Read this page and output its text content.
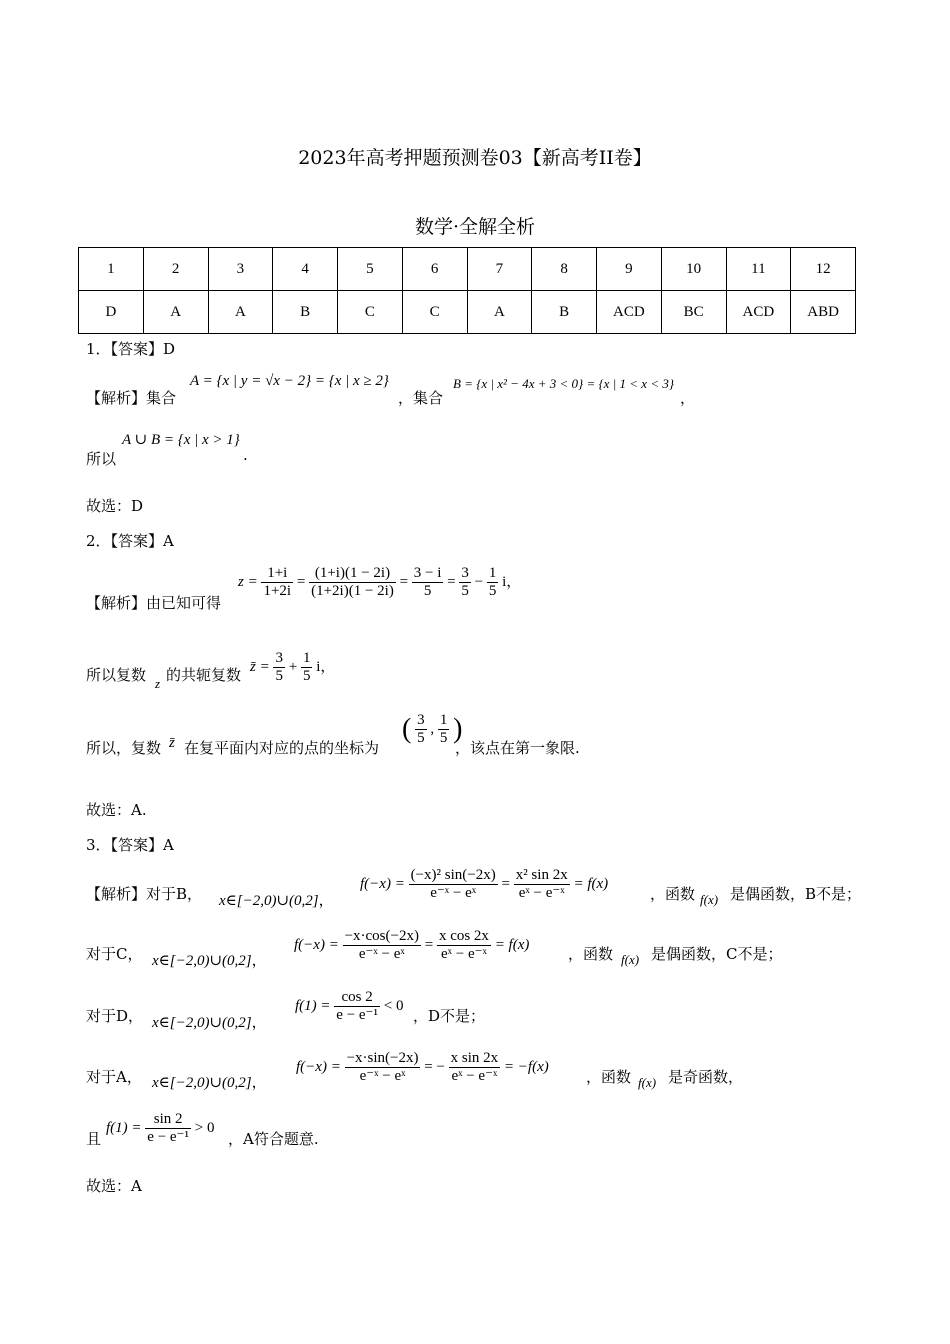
2023年高考押题预测卷03【新高考II卷】
数学·全解全析
1	2	3	4	5	6	7	8	9	10	11	12
D	A	A	B	C	C	A	B	ACD	BC	ACD	ABD
1．【答案】D
【解析】集合
A = {x | y = √x − 2} = {x | x ≥ 2}
，集合
B = {x | x² − 4x + 3 < 0} = {x | 1 < x < 3}
，
A ∪ B = {x | x > 1}
所以	.
故选：D
2．【答案】A
【解析】由已知可得
$z = \frac{1+i}{1+2i} = \frac{(1+i)(1 - 2i)}{(1+2i)(1 - 2i)} = \frac{3 - i}{5} = \frac{3}{5} - \frac{1}{5}$ i，
所以复数 z 的共轭复数 z̄ = $\frac{3}{5} + \frac{1}{5}$ i，
所以，复数 z̄ 在复平面内对应的点的坐标为
( $\frac{3}{5}$ , $\frac{1}{5}$ )
，该点在第一象限.
故选：A.
3．【答案】A
【解析】对于B， x∈[−2,0)∪(0,2]，
$f(-x) = \frac{\text{(−x)² sin(−2x)}}{\text{e⁻ˣ − eˣ}} = \frac{\text{x² sin 2x}}{\text{eˣ − e⁻ˣ}} = f(x)$
，函数 f(x) 是偶函数，B不是；
对于C， x∈[−2,0)∪(0,2]，
$f(-x) = \frac{-x\cdot\cos(-2x)}{\text{e⁻ˣ − eˣ}} = \frac{\text{x cos 2x}}{\text{eˣ − e⁻ˣ}} = f(x)$
，函数 f(x) 是偶函数，C不是；
对于D， x∈[−2,0)∪(0,2]，
$f(1) = \frac{\cos 2}{\text{e − e⁻¹}} < 0$
，D不是；
对于A， x∈[−2,0)∪(0,2]，
$f(-x) = \frac{-x\cdot\sin(-2x)}{\text{e⁻ˣ − eˣ}}$ = − $\frac{\text{x sin 2x}}{\text{eˣ − e⁻ˣ}} = -f(x)$
，函数 f(x) 是奇函数，
且
$f(1) = \frac{\sin 2}{\text{e − e⁻¹}} > 0$
，A符合题意.
故选：A
